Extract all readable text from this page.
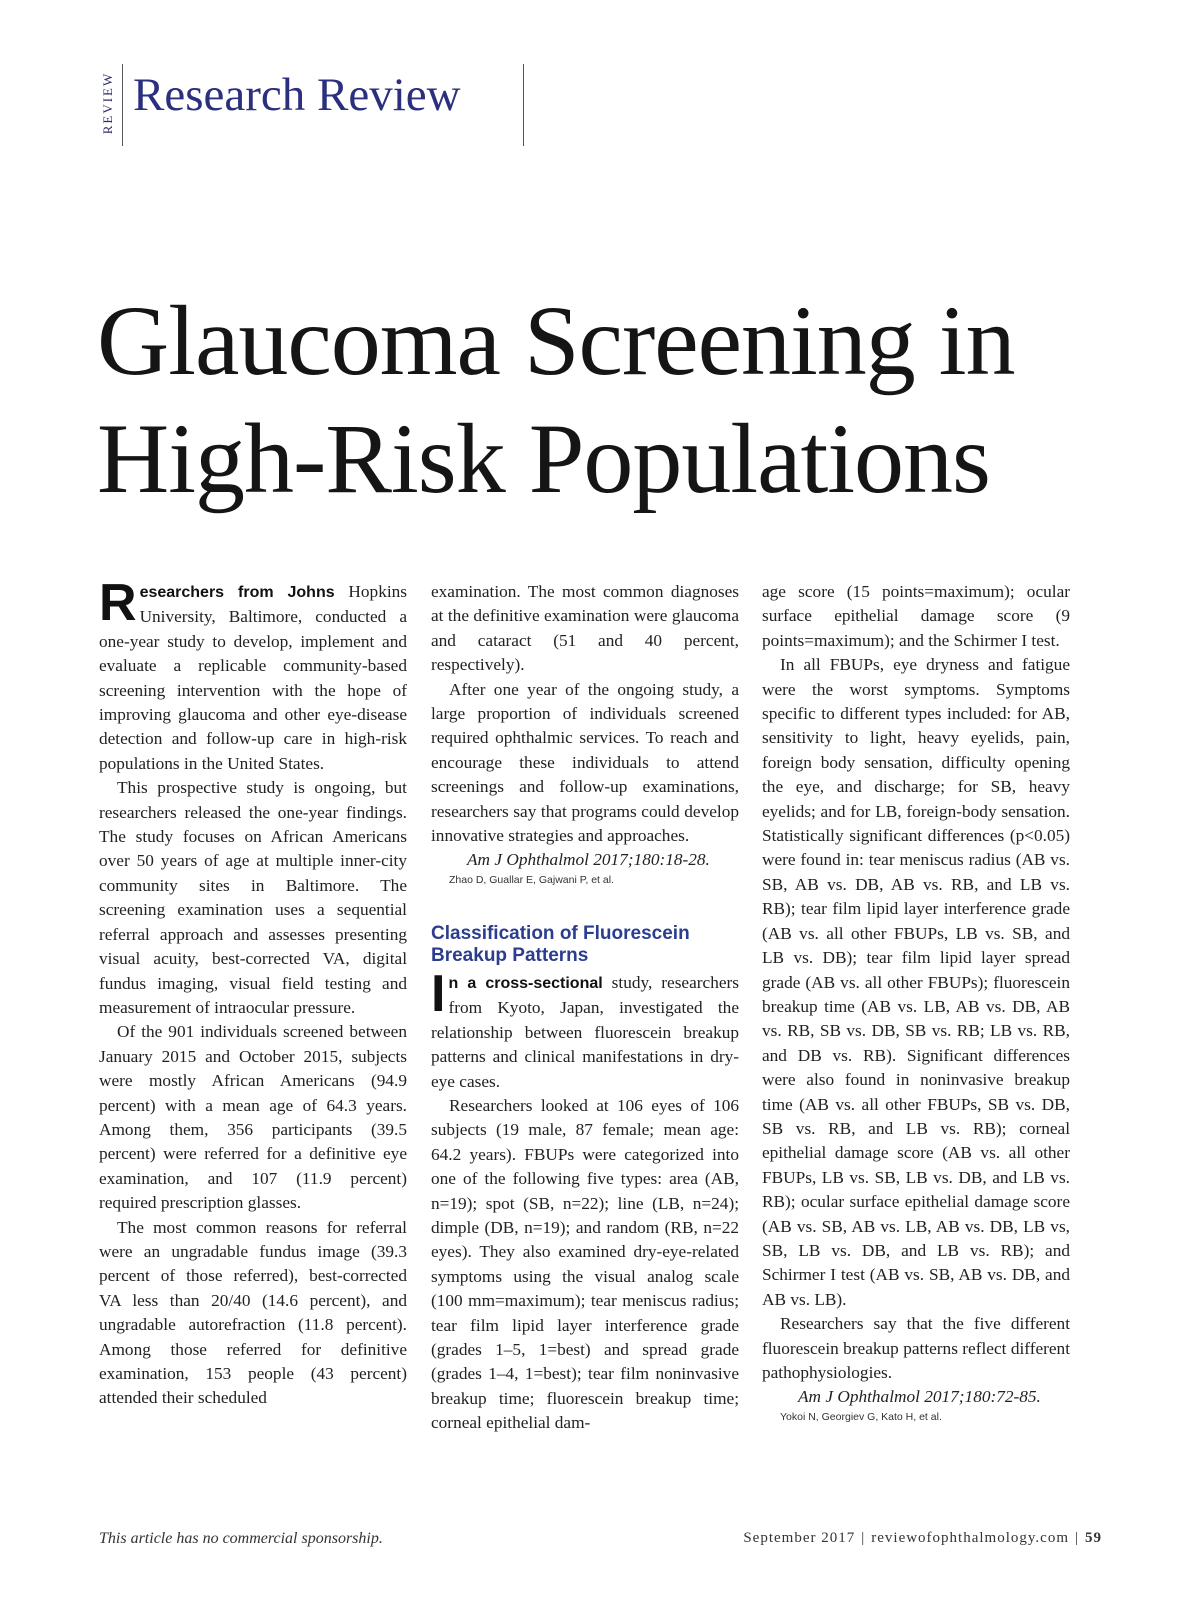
REVIEW Research Review
Glaucoma Screening in High-Risk Populations

Researchers from Johns Hopkins University, Baltimore, conducted a one-year study to develop, implement and evaluate a replicable community-based screening intervention with the hope of improving glaucoma and other eye-disease detection and follow-up care in high-risk populations in the United States.

This prospective study is ongoing, but researchers released the one-year findings. The study focuses on African Americans over 50 years of age at multiple inner-city community sites in Baltimore. The screening examination uses a sequential referral approach and assesses presenting visual acuity, best-corrected VA, digital fundus imaging, visual field testing and measurement of intraocular pressure.

Of the 901 individuals screened between January 2015 and October 2015, subjects were mostly African Americans (94.9 percent) with a mean age of 64.3 years. Among them, 356 participants (39.5 percent) were referred for a definitive eye examination, and 107 (11.9 percent) required prescription glasses.

The most common reasons for referral were an ungradable fundus image (39.3 percent of those referred), best-corrected VA less than 20/40 (14.6 percent), and ungradable autorefraction (11.8 percent). Among those referred for definitive examination, 153 people (43 percent) attended their scheduled

examination. The most common diagnoses at the definitive examination were glaucoma and cataract (51 and 40 percent, respectively).

After one year of the ongoing study, a large proportion of individuals screened required ophthalmic services. To reach and encourage these individuals to attend screenings and follow-up examinations, researchers say that programs could develop innovative strategies and approaches.

Am J Ophthalmol 2017;180:18-28.

Zhao D, Guallar E, Gajwani P, et al.

Classification of Fluorescein Breakup Patterns

In a cross-sectional study, researchers from Kyoto, Japan, investigated the relationship between fluorescein breakup patterns and clinical manifestations in dry-eye cases.

Researchers looked at 106 eyes of 106 subjects (19 male, 87 female; mean age: 64.2 years). FBUPs were categorized into one of the following five types: area (AB, n=19); spot (SB, n=22); line (LB, n=24); dimple (DB, n=19); and random (RB, n=22 eyes). They also examined dry-eye-related symptoms using the visual analog scale (100 mm=maximum); tear meniscus radius; tear film lipid layer interference grade (grades 1–5, 1=best) and spread grade (grades 1–4, 1=best); tear film noninvasive breakup time; fluorescein breakup time; corneal epithelial dam-

age score (15 points=maximum); ocular surface epithelial damage score (9 points=maximum); and the Schirmer I test.

In all FBUPs, eye dryness and fatigue were the worst symptoms. Symptoms specific to different types included: for AB, sensitivity to light, heavy eyelids, pain, foreign body sensation, difficulty opening the eye, and discharge; for SB, heavy eyelids; and for LB, foreign-body sensation. Statistically significant differences (p<0.05) were found in: tear meniscus radius (AB vs. SB, AB vs. DB, AB vs. RB, and LB vs. RB); tear film lipid layer interference grade (AB vs. all other FBUPs, LB vs. SB, and LB vs. DB); tear film lipid layer spread grade (AB vs. all other FBUPs); fluorescein breakup time (AB vs. LB, AB vs. DB, AB vs. RB, SB vs. DB, SB vs. RB; LB vs. RB, and DB vs. RB). Significant differences were also found in noninvasive breakup time (AB vs. all other FBUPs, SB vs. DB, SB vs. RB, and LB vs. RB); corneal epithelial damage score (AB vs. all other FBUPs, LB vs. SB, LB vs. DB, and LB vs. RB); ocular surface epithelial damage score (AB vs. SB, AB vs. LB, AB vs. DB, LB vs, SB, LB vs. DB, and LB vs. RB); and Schirmer I test (AB vs. SB, AB vs. DB, and AB vs. LB).

Researchers say that the five different fluorescein breakup patterns reflect different pathophysiologies.

Am J Ophthalmol 2017;180:72-85.

Yokoi N, Georgiev G, Kato H, et al.

This article has no commercial sponsorship.	September 2017 | reviewofophthalmology.com | 59
